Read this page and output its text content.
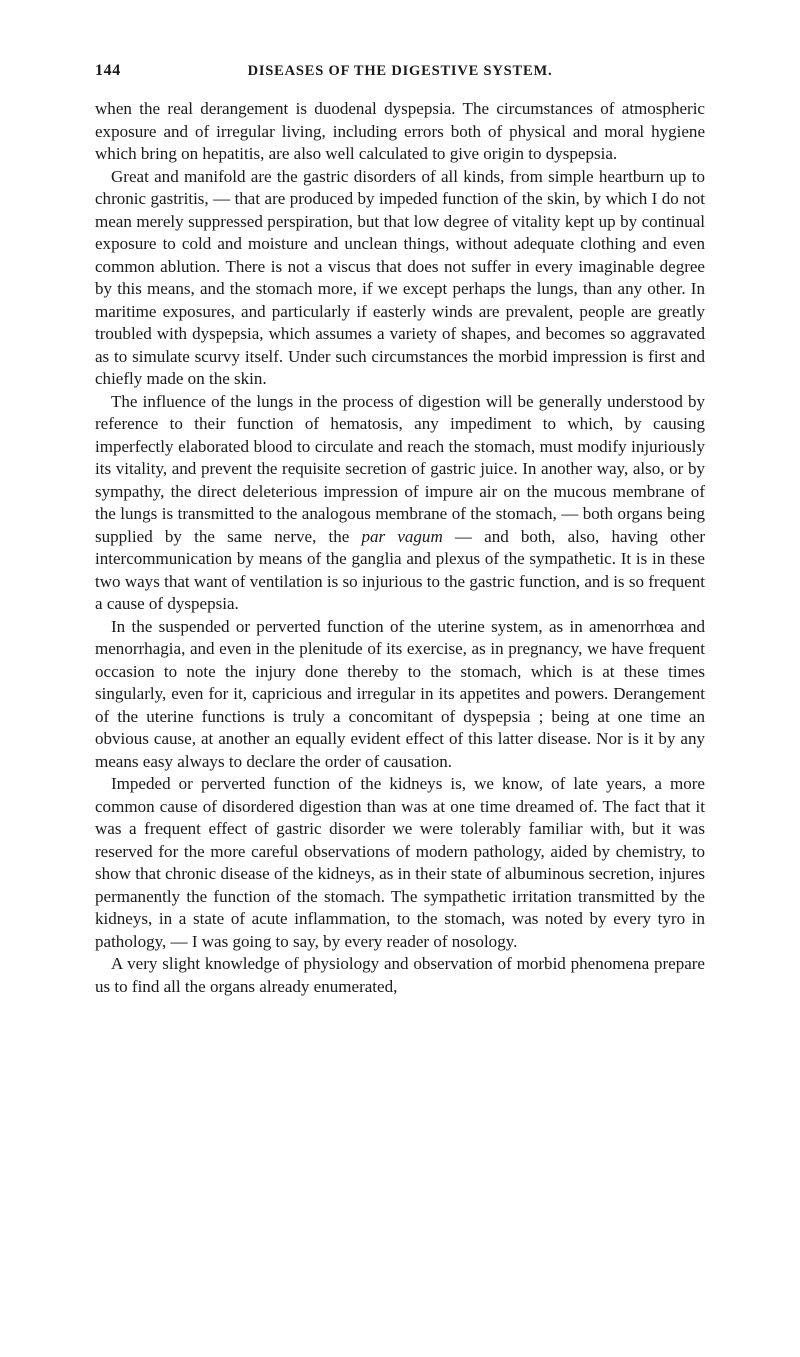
144	DISEASES OF THE DIGESTIVE SYSTEM.

when the real derangement is duodenal dyspepsia. The circumstances of atmospheric exposure and of irregular living, including errors both of physical and moral hygiene which bring on hepatitis, are also well calculated to give origin to dyspepsia.

Great and manifold are the gastric disorders of all kinds, from simple heartburn up to chronic gastritis, — that are produced by impeded function of the skin, by which I do not mean merely suppressed perspiration, but that low degree of vitality kept up by continual exposure to cold and moisture and unclean things, without adequate clothing and even common ablution. There is not a viscus that does not suffer in every imaginable degree by this means, and the stomach more, if we except perhaps the lungs, than any other. In maritime exposures, and particularly if easterly winds are prevalent, people are greatly troubled with dyspepsia, which assumes a variety of shapes, and becomes so aggravated as to simulate scurvy itself. Under such circumstances the morbid impression is first and chiefly made on the skin.

The influence of the lungs in the process of digestion will be generally understood by reference to their function of hematosis, any impediment to which, by causing imperfectly elaborated blood to circulate and reach the stomach, must modify injuriously its vitality, and prevent the requisite secretion of gastric juice. In another way, also, or by sympathy, the direct deleterious impression of impure air on the mucous membrane of the lungs is transmitted to the analogous membrane of the stomach, — both organs being supplied by the same nerve, the par vagum — and both, also, having other intercommunication by means of the ganglia and plexus of the sympathetic. It is in these two ways that want of ventilation is so injurious to the gastric function, and is so frequent a cause of dyspepsia.

In the suspended or perverted function of the uterine system, as in amenorrhœa and menorrhagia, and even in the plenitude of its exercise, as in pregnancy, we have frequent occasion to note the injury done thereby to the stomach, which is at these times singularly, even for it, capricious and irregular in its appetites and powers. Derangement of the uterine functions is truly a concomitant of dyspepsia ; being at one time an obvious cause, at another an equally evident effect of this latter disease. Nor is it by any means easy always to declare the order of causation.

Impeded or perverted function of the kidneys is, we know, of late years, a more common cause of disordered digestion than was at one time dreamed of. The fact that it was a frequent effect of gastric disorder we were tolerably familiar with, but it was reserved for the more careful observations of modern pathology, aided by chemistry, to show that chronic disease of the kidneys, as in their state of albuminous secretion, injures permanently the function of the stomach. The sympathetic irritation transmitted by the kidneys, in a state of acute inflammation, to the stomach, was noted by every tyro in pathology, — I was going to say, by every reader of nosology.

A very slight knowledge of physiology and observation of morbid phenomena prepare us to find all the organs already enumerated,
